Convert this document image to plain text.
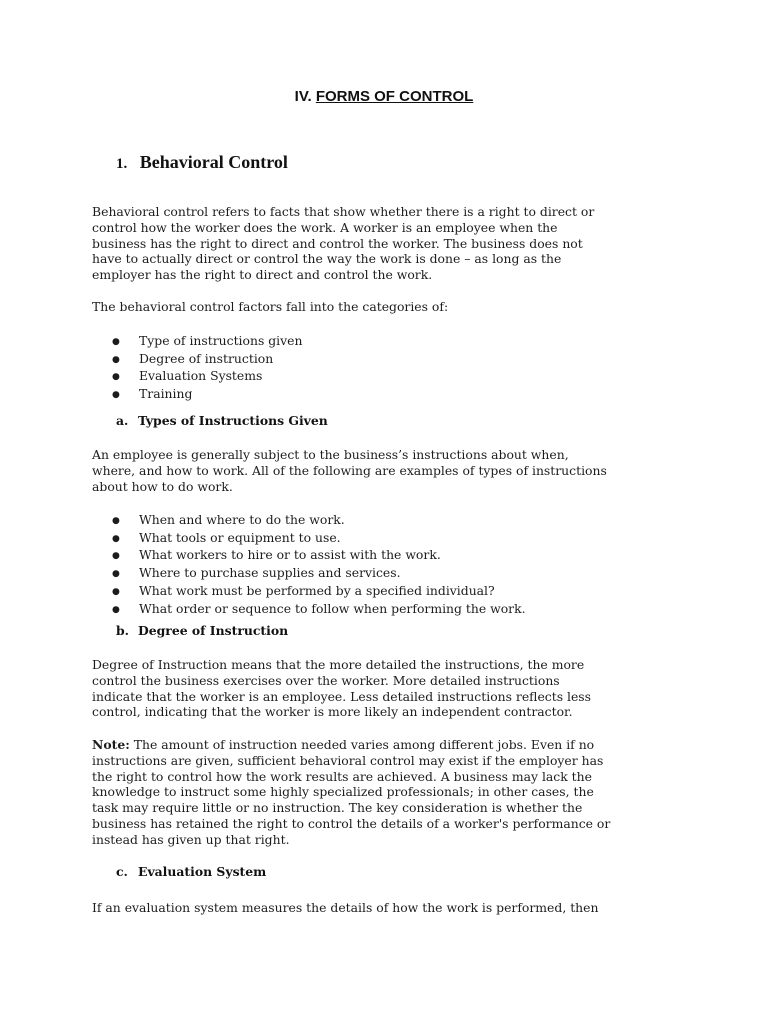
IV. FORMS OF CONTROL
1. Behavioral Control
Behavioral control refers to facts that show whether there is a right to direct or
control how the worker does the work. A worker is an employee when the
business has the right to direct and control the worker. The business does not
have to actually direct or control the way the work is done – as long as the
employer has the right to direct and control the work.
The behavioral control factors fall into the categories of:
● Type of instructions given
● Degree of instruction
● Evaluation Systems
● Training
a. Types of Instructions Given
An employee is generally subject to the business’s instructions about when,
where, and how to work. All of the following are examples of types of instructions
about how to do work.
● When and where to do the work.
● What tools or equipment to use.
● What workers to hire or to assist with the work.
● Where to purchase supplies and services.
● What work must be performed by a specified individual?
● What order or sequence to follow when performing the work.
b. Degree of Instruction
Degree of Instruction means that the more detailed the instructions, the more
control the business exercises over the worker. More detailed instructions
indicate that the worker is an employee. Less detailed instructions reflects less
control, indicating that the worker is more likely an independent contractor.
Note: The amount of instruction needed varies among different jobs. Even if no
instructions are given, sufficient behavioral control may exist if the employer has
the right to control how the work results are achieved. A business may lack the
knowledge to instruct some highly specialized professionals; in other cases, the
task may require little or no instruction. The key consideration is whether the
business has retained the right to control the details of a worker's performance or
instead has given up that right.
c. Evaluation System
If an evaluation system measures the details of how the work is performed, then
